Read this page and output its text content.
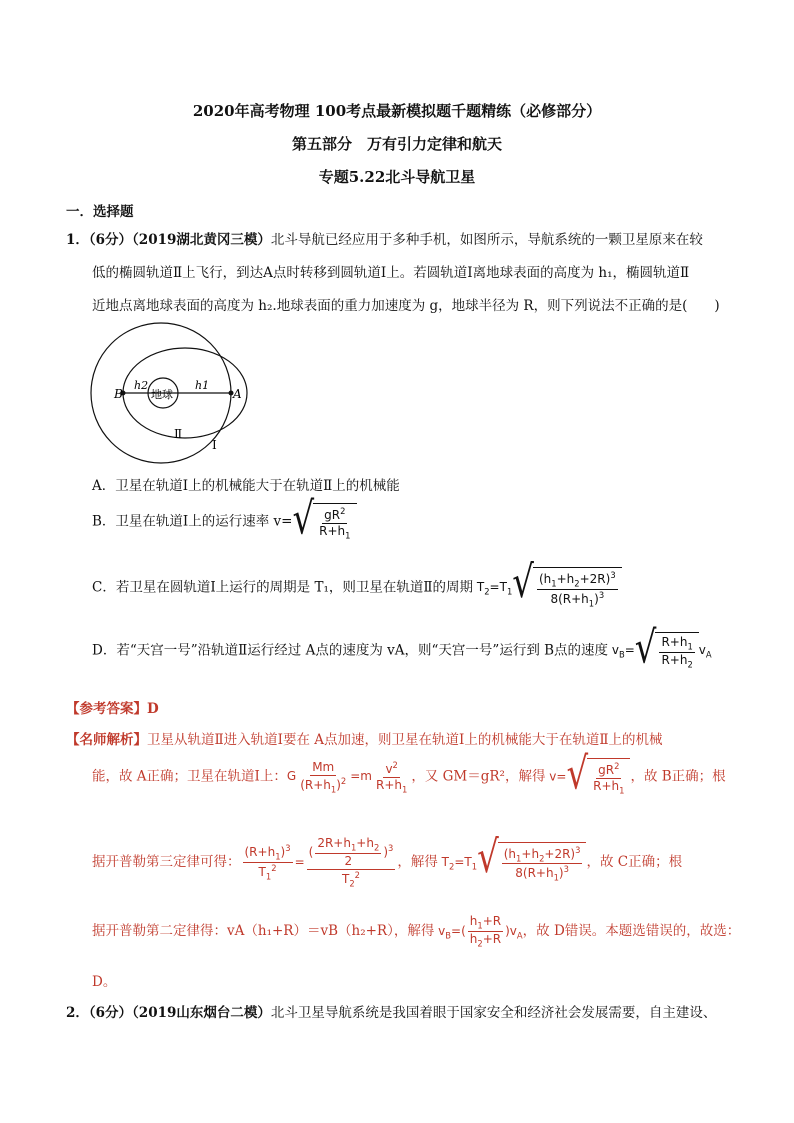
2020年高考物理 100考点最新模拟题千题精练（必修部分）
第五部分　万有引力定律和航天
专题5.22北斗导航卫星
一．选择题
1．（6分）（2019湖北黄冈三模）北斗导航已经应用于多种手机，如图所示，导航系统的一颗卫星原来在较
低的椭圆轨道Ⅱ上飞行，到达A点时转移到圆轨道Ⅰ上。若圆轨道Ⅰ离地球表面的高度为 h₁，椭圆轨道Ⅱ
近地点离地球表面的高度为 h₂.地球表面的重力加速度为 g，地球半径为 R，则下列说法不正确的是(　　)
B	A
h2	h1
地球
Ⅱ
Ⅰ
A．卫星在轨道Ⅰ上的机械能大于在轨道Ⅱ上的机械能
B．卫星在轨道Ⅰ上的运行速率 v= √ $\frac{gR^2}{R+h_1}$
C．若卫星在圆轨道Ⅰ上运行的周期是 T₁，则卫星在轨道Ⅱ的周期 $T_2=T_1$ √ $\frac{(h_1+h_2+2R)^3}{8(R+h_1)^3}$
D．若“天宫一号”沿轨道Ⅱ运行经过 A点的速度为 vA，则“天宫一号”运行到 B点的速度 $v_B=$ √ $\frac{R+h_1}{R+h_2} v_A$
【参考答案】D
【名师解析】卫星从轨道Ⅱ进入轨道Ⅰ要在 A点加速，则卫星在轨道Ⅰ上的机械能大于在轨道Ⅱ上的机械
能，故 A正确；卫星在轨道Ⅰ上：G $\frac{Mm}{(R+h_1)^2} =m \frac{v^2}{R+h_1}$ ，又 GM＝gR²，解得 v= √ $\frac{gR^2}{R+h_1}$ ，故 B正确；根
据开普勒第三定律可得： $\frac{(R+h_1)^3}{T_1^2} = \frac{( \frac{2R+h_1+h_2}{2} )^3}{T_2^2}$ ，解得 $T_2=T_1$ √ $\frac{(h_1+h_2+2R)^3}{8(R+h_1)^3}$ ，故 C正确；根
据开普勒第二定律得：vA（h₁+R）＝vB（h₂+R），解得 $v_B=( \frac{h_1+R}{h_2+R} )v_A$，故 D错误。本题选错误的，故选：
D。
2．（6分）（2019山东烟台二模）北斗卫星导航系统是我国着眼于国家安全和经济社会发展需要，自主建设、
